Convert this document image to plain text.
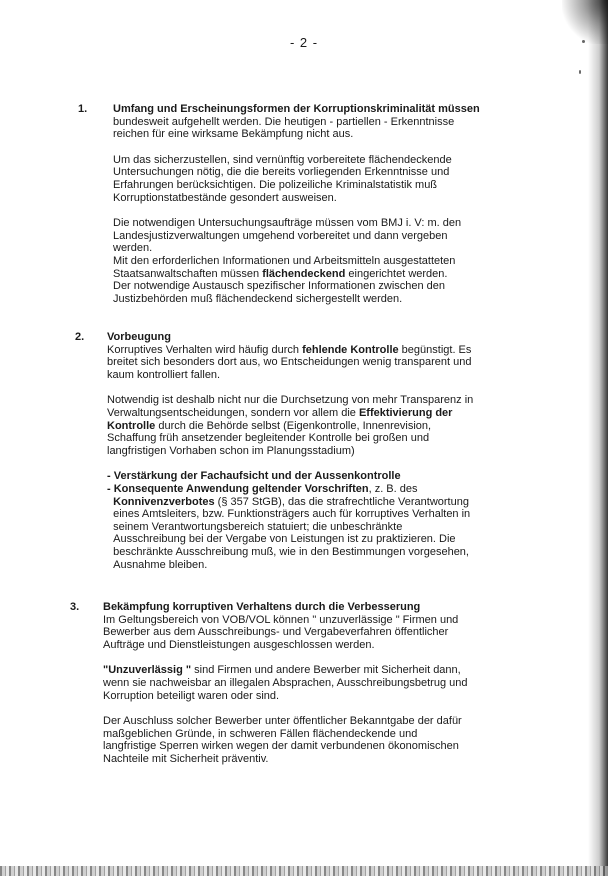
- 2 -
1. Umfang und Erscheinungsformen der Korruptionskriminalität müssen
bundesweit aufgehellt werden. Die heutigen - partiellen - Erkenntnisse
reichen für eine wirksame Bekämpfung nicht aus.

Um das sicherzustellen, sind vernünftig vorbereitete flächendeckende
Untersuchungen nötig, die die bereits vorliegenden Erkenntnisse und
Erfahrungen berücksichtigen. Die polizeiliche Kriminalstatistik muß
Korruptionstatbestände gesondert ausweisen.

Die notwendigen Untersuchungsaufträge müssen vom BMJ i. V: m. den
Landesjustizverwaltungen umgehend vorbereitet und dann vergeben
werden.
Mit den erforderlichen Informationen und Arbeitsmitteln ausgestatteten
Staatsanwaltschaften müssen flächendeckend eingerichtet werden.
Der notwendige Austausch spezifischer Informationen zwischen den
Justizbehörden muß flächendeckend sichergestellt werden.

2. Vorbeugung
Korruptives Verhalten wird häufig durch fehlende Kontrolle begünstigt. Es
breitet sich besonders dort aus, wo Entscheidungen wenig transparent und
kaum kontrolliert fallen.

Notwendig ist deshalb nicht nur die Durchsetzung von mehr Transparenz in
Verwaltungsentscheidungen, sondern vor allem die Effektivierung der
Kontrolle durch die Behörde selbst (Eigenkontrolle, Innenrevision,
Schaffung früh ansetzender begleitender Kontrolle bei großen und
langfristigen Vorhaben schon im Planungsstadium)

- Verstärkung der Fachaufsicht und der Aussenkontrolle
- Konsequente Anwendung geltender Vorschriften, z. B. des
Konnivenzverbotes (§ 357 StGB), das die strafrechtliche Verantwortung
eines Amtsleiters, bzw. Funktionsträgers auch für korruptives Verhalten in
seinem Verantwortungsbereich statuiert; die unbeschränkte
Ausschreibung bei der Vergabe von Leistungen ist zu praktizieren. Die
beschränkte Ausschreibung muß, wie in den Bestimmungen vorgesehen,
Ausnahme bleiben.

3. Bekämpfung korruptiven Verhaltens durch die Verbesserung
Im Geltungsbereich von VOB/VOL können " unzuverlässige " Firmen und
Bewerber aus dem Ausschreibungs- und Vergabeverfahren öffentlicher
Aufträge und Dienstleistungen ausgeschlossen werden.

"Unzuverlässig " sind Firmen und andere Bewerber mit Sicherheit dann,
wenn sie nachweisbar an illegalen Absprachen, Ausschreibungsbetrug und
Korruption beteiligt waren oder sind.

Der Auschluss solcher Bewerber unter öffentlicher Bekanntgabe der dafür
maßgeblichen Gründe, in schweren Fällen flächendeckende und
langfristige Sperren wirken wegen der damit verbundenen ökonomischen
Nachteile mit Sicherheit präventiv.
